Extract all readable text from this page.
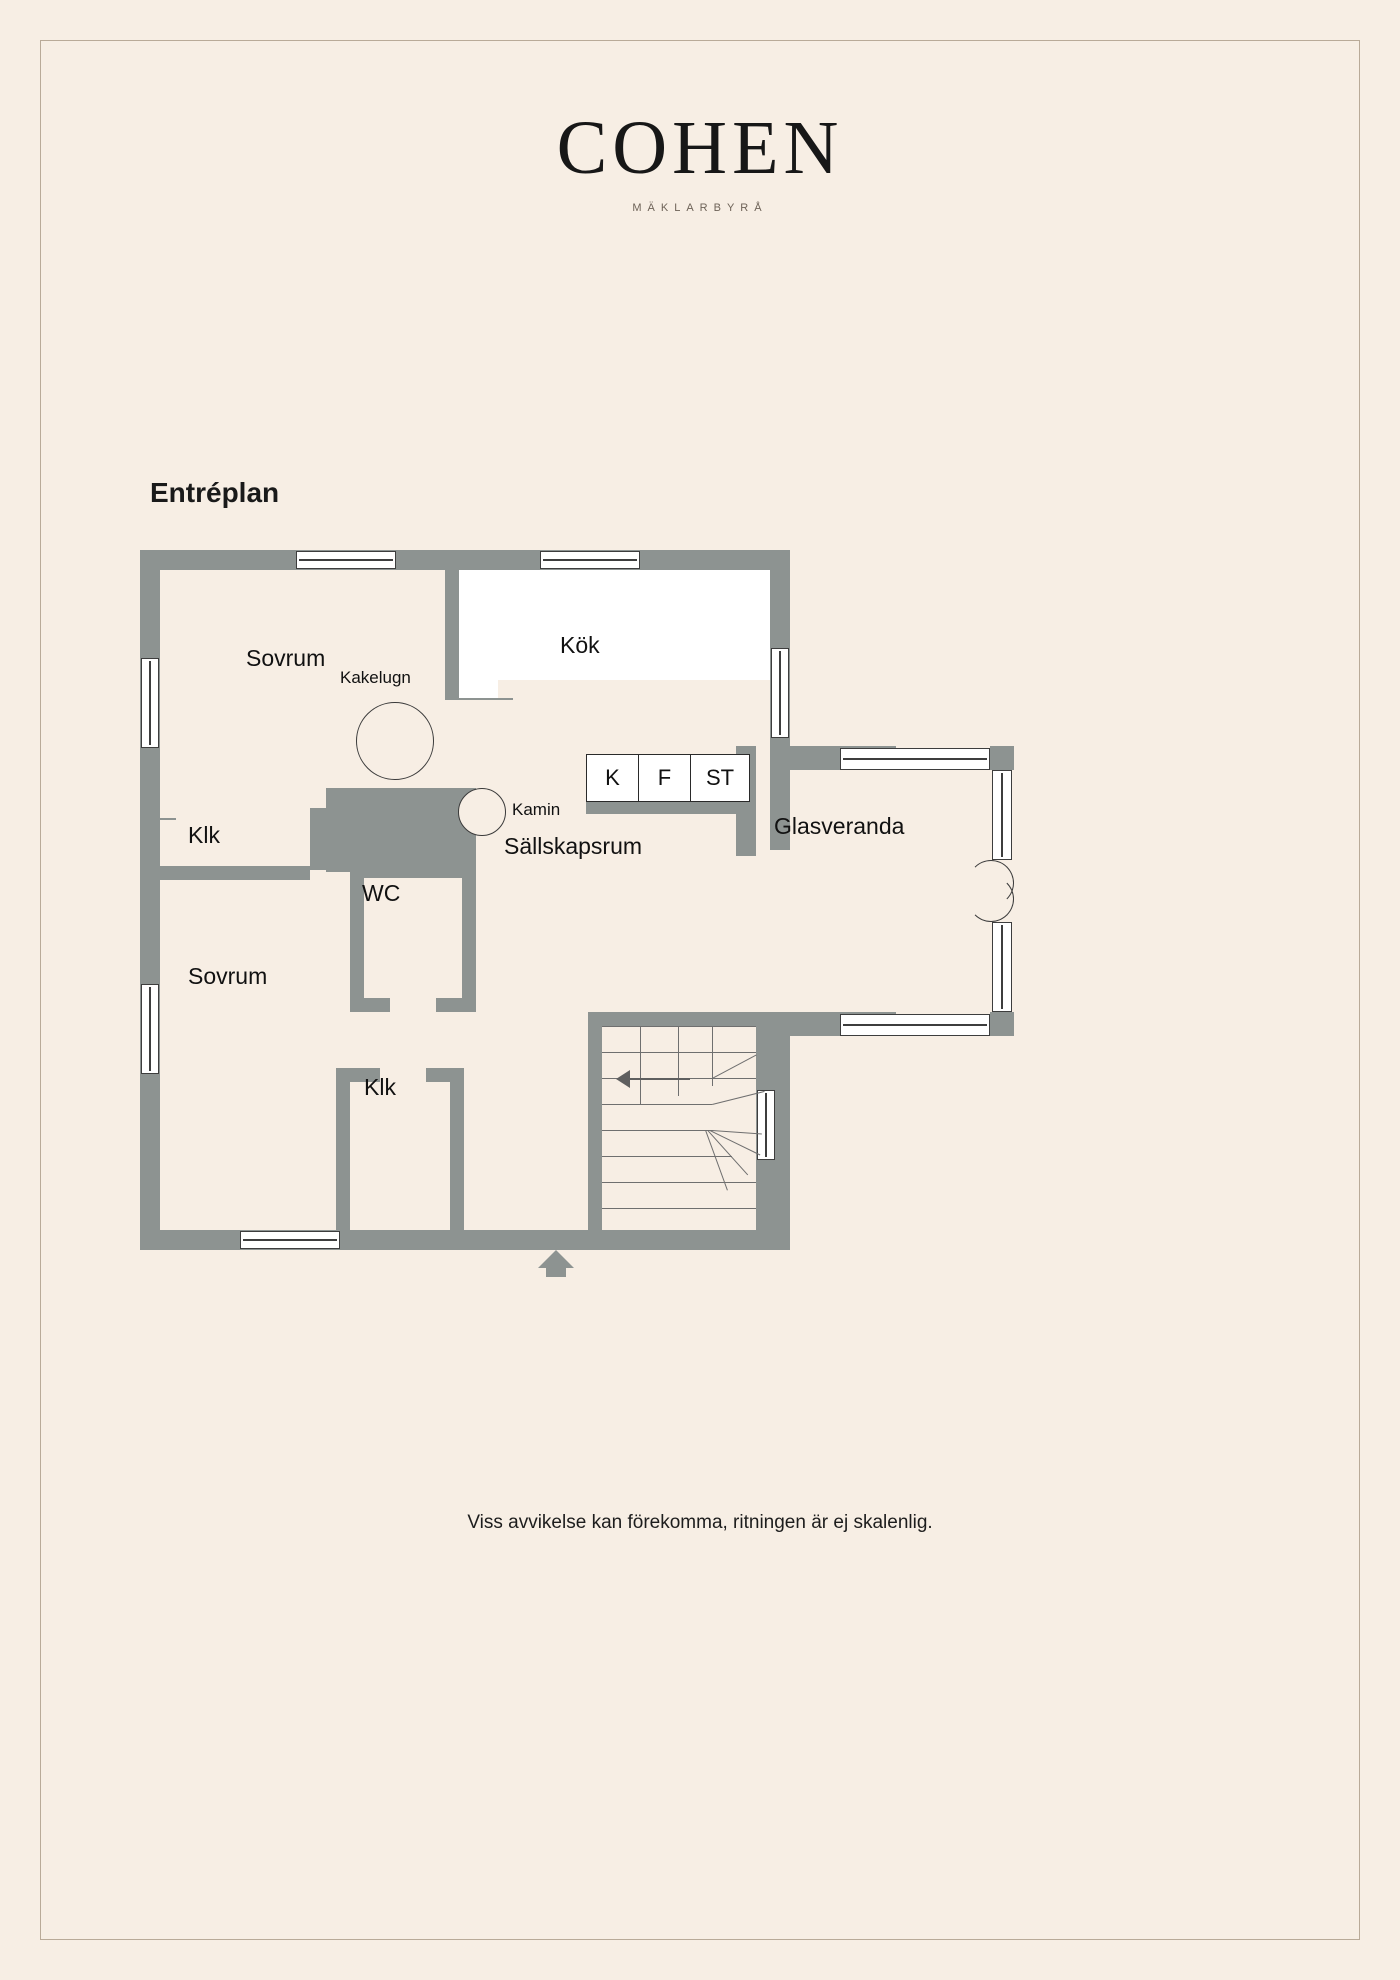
COHEN
MÄKLARBYRÅ
Entréplan
K	F	ST
Sovrum	Kök
Klk	Sällskapsrum
Glasveranda
WC
Sovrum
Klk
Kakelugn
Kamin
Viss avvikelse kan förekomma, ritningen är ej skalenlig.
